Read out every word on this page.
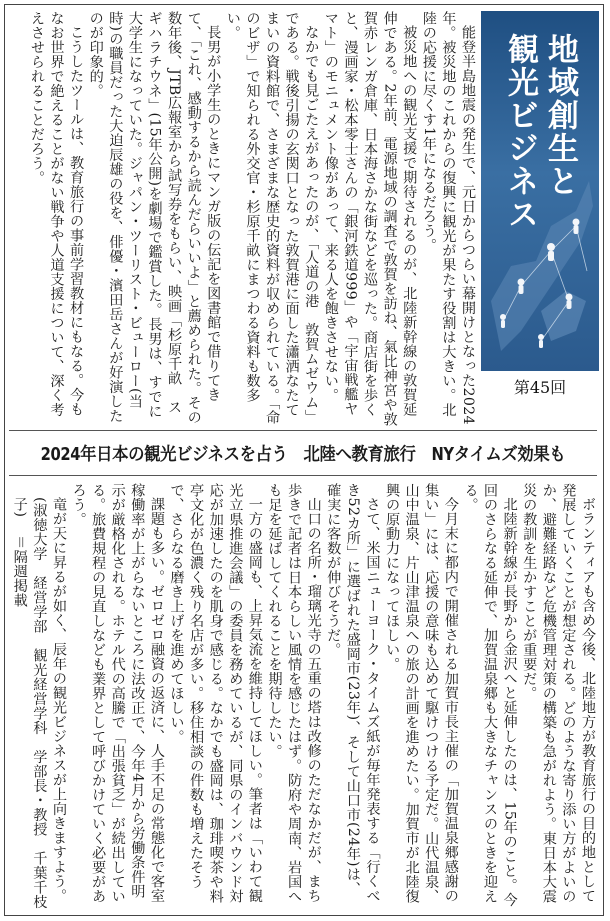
能登半島地震の発生で、元日からつらい幕開けとなった2024年。被災地のこれからの復興に観光が果たす役割は大きい。北陸の応援に尽くす1年になるだろう。

被災地への観光支援で期待されるのが、北陸新幹線の敦賀延伸である。2年前、電源地域の調査で敦賀を訪ね、氣比神宮や敦賀赤レンガ倉庫、日本海さかな街などを巡った。商店街を歩くと、漫画家・松本零士さんの「銀河鉄道999」や「宇宙戦艦ヤマト」のモニュメント像があって、来る人を飽きさせない。

なかでも見ごたえがあったのが、「人道の港　敦賀ムゼウム」である。戦後引揚の玄関口となった敦賀港に面した瀟洒なたてまいの資料館で、さまざまな歴史的資料が収められている。「命のビザ」で知られる外交官・杉原千畝にまつわる資料も数多い。

長男が小学生のときにマンガ版の伝記を図書館で借りてきて、「これ、感動するから読んだらいいよ」と薦められた。その数年後、JTB広報室から試写券をもらい、映画「杉原千畝　スギハラチウネ」(15年公開)を劇場で鑑賞した。長男は、すでに大学生になっていた。ジャパン・ツーリスト・ビューロー(当時)の職員だった大迫辰雄の役を、俳優・濱田岳さんが好演したのが印象的。

こうしたツールは、教育旅行の事前学習教材にもなる。今もなお世界で絶えることがない戦争や人道支援について、深く考えさせられることだろう。	地域創生と
観光ビジネス
第45回
2024年日本の観光ビジネスを占う　北陸へ教育旅行　NYタイムズ効果も

ボランティアも含め今後、北陸地方が教育旅行の目的地として発展していくことが想定される。どのような寄り添い方がよいのか、避難経路など危機管理対策の構築も急がれよう。東日本大震災の教訓を生かすことが重要だ。

北陸新幹線が長野から金沢へと延伸したのは、15年のこと。今回のさらなる延伸で、加賀温泉郷も大きなチャンスのときを迎える。

今月末に都内で開催される加賀市長主催の「加賀温泉郷感謝の集い」には、応援の意味も込めて駆けつける予定だ。山代温泉、山中温泉、片山津温泉への旅の計画を進めたい。加賀市が北陸復興の原動力になってほしい。

さて、米国ニューヨーク・タイムズ紙が毎年発表する「行くべき52カ所」に選ばれた盛岡市(23年)、そして山口市(24年)は、確実に客数が伸びそうだ。

山口の名所・瑠璃光寺の五重の塔は改修のただなかだが、まち歩きで記者は日本らしい風情を感じたはず。防府や周南、岩国へも足を延ばしてくれることを期待したい。

一方の盛岡も、上昇気流を維持してほしい。筆者は「いわて観光立県推進会議」の委員を務めているが、同県のインバウンド対応が加速したのを肌身で感じる。なかでも盛岡は、珈琲喫茶や料亭文化が色濃く残り名店が多い。移住相談の件数も増えたそうで、さらなる磨き上げを進めてほしい。

課題も多い。ゼロゼロ融資の返済に、人手不足の常態化で客室稼働率が上がらないところに法改正で、今年4月から労働条件明示が厳格化される。ホテル代の高騰で「出張貧乏」が続出している。旅費規程の見直しなども業界として呼びかけていく必要があろう。

竜が天に昇るが如く、辰年の観光ビジネスが上向きますよう。

(淑徳大学　経営学部　観光経営学科　学部長・教授　千葉千枝子)＝隔週掲載
